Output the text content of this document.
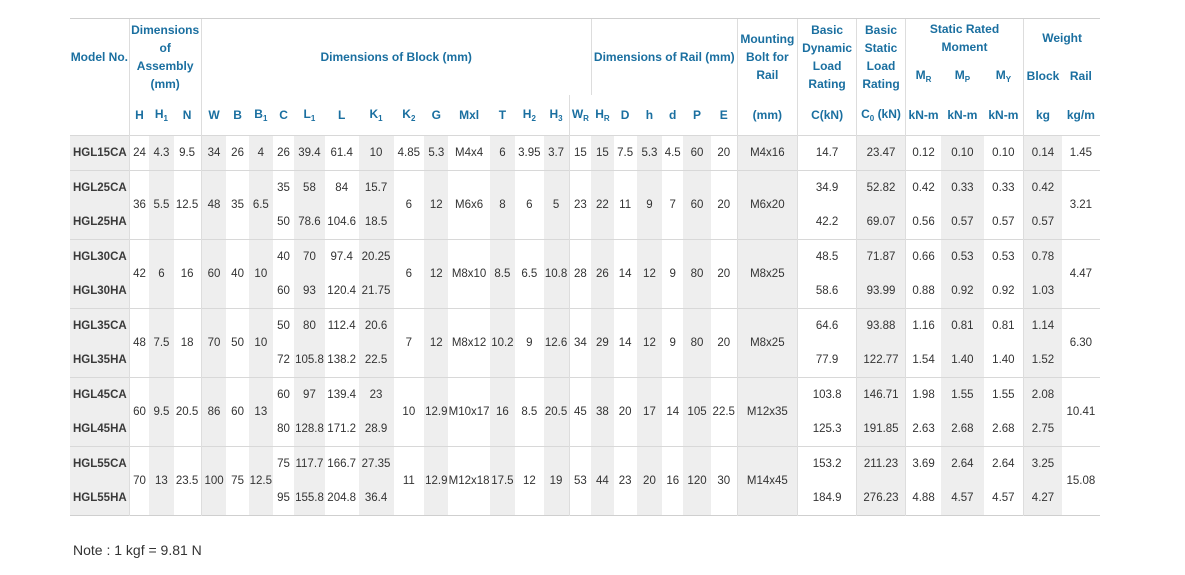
Model No.	Dimensions of Assembly (mm)			Dimensions of Block (mm)														Dimensions of Rail (mm)						Mounting Bolt for Rail	Basic Dynamic Load Rating	Basic Static Load Rating	Static Rated Moment			Weight	
																											$M_R$	$M_P$	$M_Y$	Block	Rail
	H	$H_1$	N	W	B	$B_1$	C	$L_1$	L	$K_1$	$K_2$	G	Mxl	T	$H_2$	$H_3$	$W_R$	$H_R$	D	h	d	P	E	(mm)	C(kN)	$C_0$ (kN)	kN-m	kN-m	kN-m	kg	kg/m
HGL15CA	24	4.3	9.5	34	26	4	26	39.4	61.4	10	4.85	5.3	M4x4	6	3.95	3.7	15	15	7.5	5.3	4.5	60	20	M4x16	14.7	23.47	0.12	0.10	0.10	0.14	1.45
HGL25CA	36	5.5	12.5	48	35	6.5	35	58	84	15.7	6	12	M6x6	8	6	5	23	22	11	9	7	60	20	M6x20	34.9	52.82	0.42	0.33	0.33	0.42	3.21
HGL25HA							50	78.6	104.6	18.5															42.2	69.07	0.56	0.57	0.57	0.57	
HGL30CA	42	6	16	60	40	10	40	70	97.4	20.25	6	12	M8x10	8.5	6.5	10.8	28	26	14	12	9	80	20	M8x25	48.5	71.87	0.66	0.53	0.53	0.78	4.47
HGL30HA							60	93	120.4	21.75															58.6	93.99	0.88	0.92	0.92	1.03	
HGL35CA	48	7.5	18	70	50	10	50	80	112.4	20.6	7	12	M8x12	10.2	9	12.6	34	29	14	12	9	80	20	M8x25	64.6	93.88	1.16	0.81	0.81	1.14	6.30
HGL35HA							72	105.8	138.2	22.5															77.9	122.77	1.54	1.40	1.40	1.52	
HGL45CA	60	9.5	20.5	86	60	13	60	97	139.4	23	10	12.9	M10x17	16	8.5	20.5	45	38	20	17	14	105	22.5	M12x35	103.8	146.71	1.98	1.55	1.55	2.08	10.41
HGL45HA							80	128.8	171.2	28.9															125.3	191.85	2.63	2.68	2.68	2.75	
HGL55CA	70	13	23.5	100	75	12.5	75	117.7	166.7	27.35	11	12.9	M12x18	17.5	12	19	53	44	23	20	16	120	30	M14x45	153.2	211.23	3.69	2.64	2.64	3.25	15.08
HGL55HA							95	155.8	204.8	36.4															184.9	276.23	4.88	4.57	4.57	4.27	

Note : 1 kgf = 9.81 N
